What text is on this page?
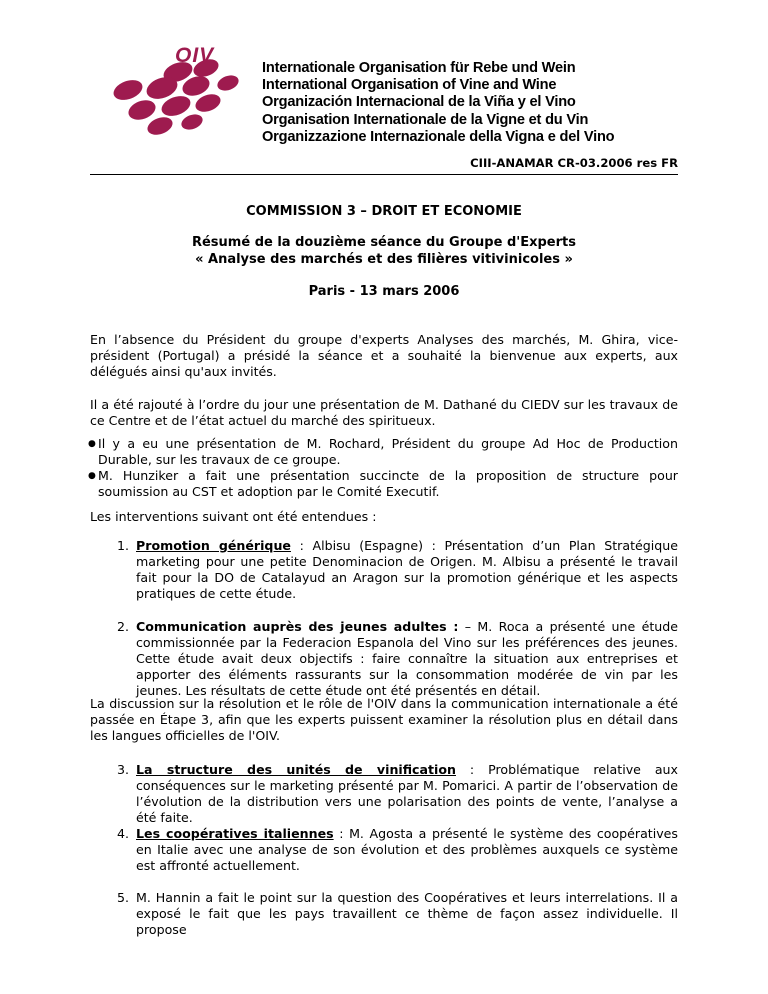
OIV
Internationale Organisation für Rebe und Wein
International Organisation of Vine and Wine
Organización Internacional de la Viña y el Vino
Organisation Internationale de la Vigne et du Vin
Organizzazione Internazionale della Vigna e del Vino
CIII-ANAMAR CR-03.2006 res FR
COMMISSION 3 – DROIT ET ECONOMIE
Résumé de la douzième séance du Groupe d'Experts
« Analyse des marchés et des filières vitivinicoles »
Paris - 13 mars 2006
En l’absence du Président du groupe d'experts Analyses des marchés, M. Ghira, vice-président (Portugal) a présidé la séance et a souhaité la bienvenue aux experts, aux délégués ainsi qu'aux invités.
Il a été rajouté à l’ordre du jour une présentation de M. Dathané du CIEDV sur les travaux de ce Centre et de l’état actuel du marché des spiritueux.
● Il y a eu une présentation de M. Rochard, Président du groupe Ad Hoc de Production Durable, sur les travaux de ce groupe.
● M. Hunziker a fait une présentation succincte de la proposition de structure pour soumission au CST et adoption par le Comité Executif.
Les interventions suivant ont été entendues :
1. Promotion générique : Albisu (Espagne) : Présentation d’un Plan Stratégique marketing pour une petite Denominacion de Origen. M. Albisu a présenté le travail fait pour la DO de Catalayud an Aragon sur la promotion générique et les aspects pratiques de cette étude.
2. Communication auprès des jeunes adultes : – M. Roca a présenté une étude commissionnée par la Federacion Espanola del Vino sur les préférences des jeunes. Cette étude avait deux objectifs : faire connaître la situation aux entreprises et apporter des éléments rassurants sur la consommation modérée de vin par les jeunes. Les résultats de cette étude ont été présentés en détail.
La discussion sur la résolution et le rôle de l'OIV dans la communication internationale a été passée en Étape 3, afin que les experts puissent examiner la résolution plus en détail dans les langues officielles de l'OIV.
3. La structure des unités de vinification : Problématique relative aux conséquences sur le marketing présenté par M. Pomarici. A partir de l’observation de l’évolution de la distribution vers une polarisation des points de vente, l’analyse a été faite.
4. Les coopératives italiennes : M. Agosta a présenté le système des coopératives en Italie avec une analyse de son évolution et des problèmes auxquels ce système est affronté actuellement.
5. M. Hannin a fait le point sur la question des Coopératives et leurs interrelations. Il a exposé le fait que les pays travaillent ce thème de façon assez individuelle. Il propose
